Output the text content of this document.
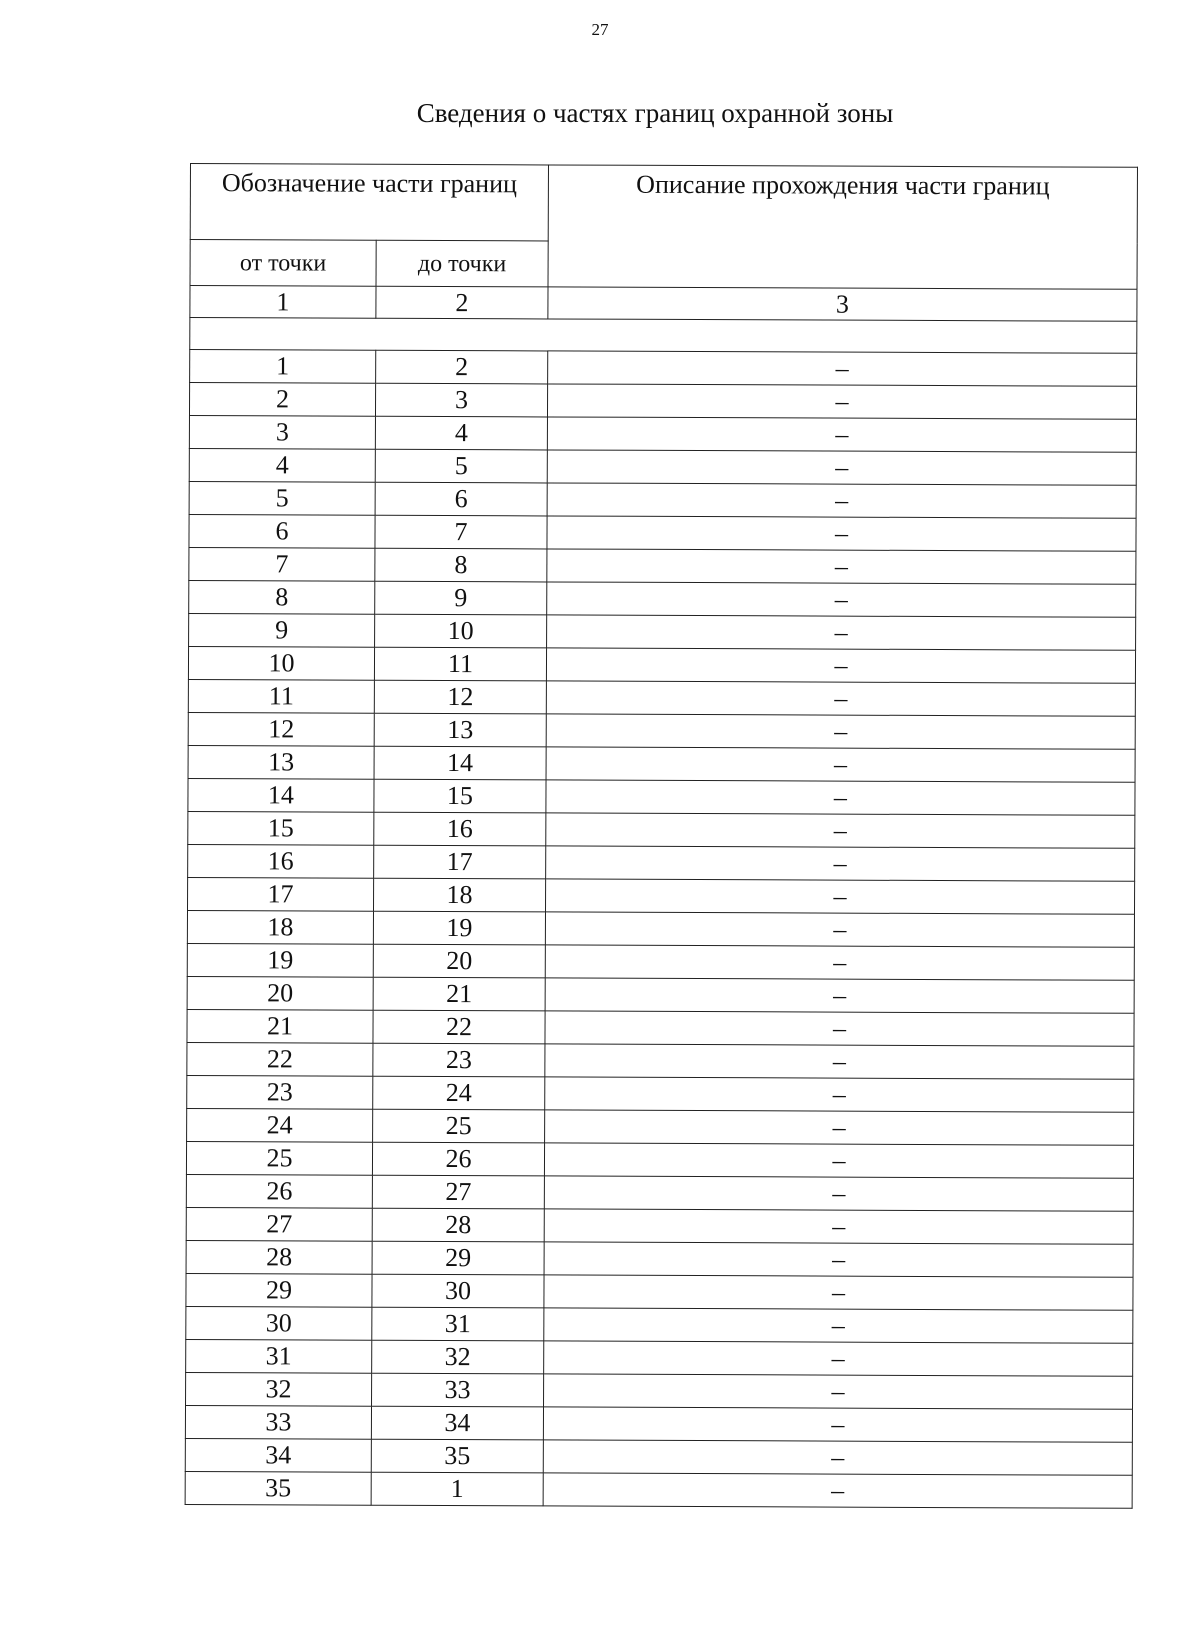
27
Сведения о частях границ охранной зоны
Обозначение части границ		Описание прохождения части границ
от точки	до точки	
1	2	3

1	2	–
2	3	–
3	4	–
4	5	–
5	6	–
6	7	–
7	8	–
8	9	–
9	10	–
10	11	–
11	12	–
12	13	–
13	14	–
14	15	–
15	16	–
16	17	–
17	18	–
18	19	–
19	20	–
20	21	–
21	22	–
22	23	–
23	24	–
24	25	–
25	26	–
26	27	–
27	28	–
28	29	–
29	30	–
30	31	–
31	32	–
32	33	–
33	34	–
34	35	–
35	1	–
